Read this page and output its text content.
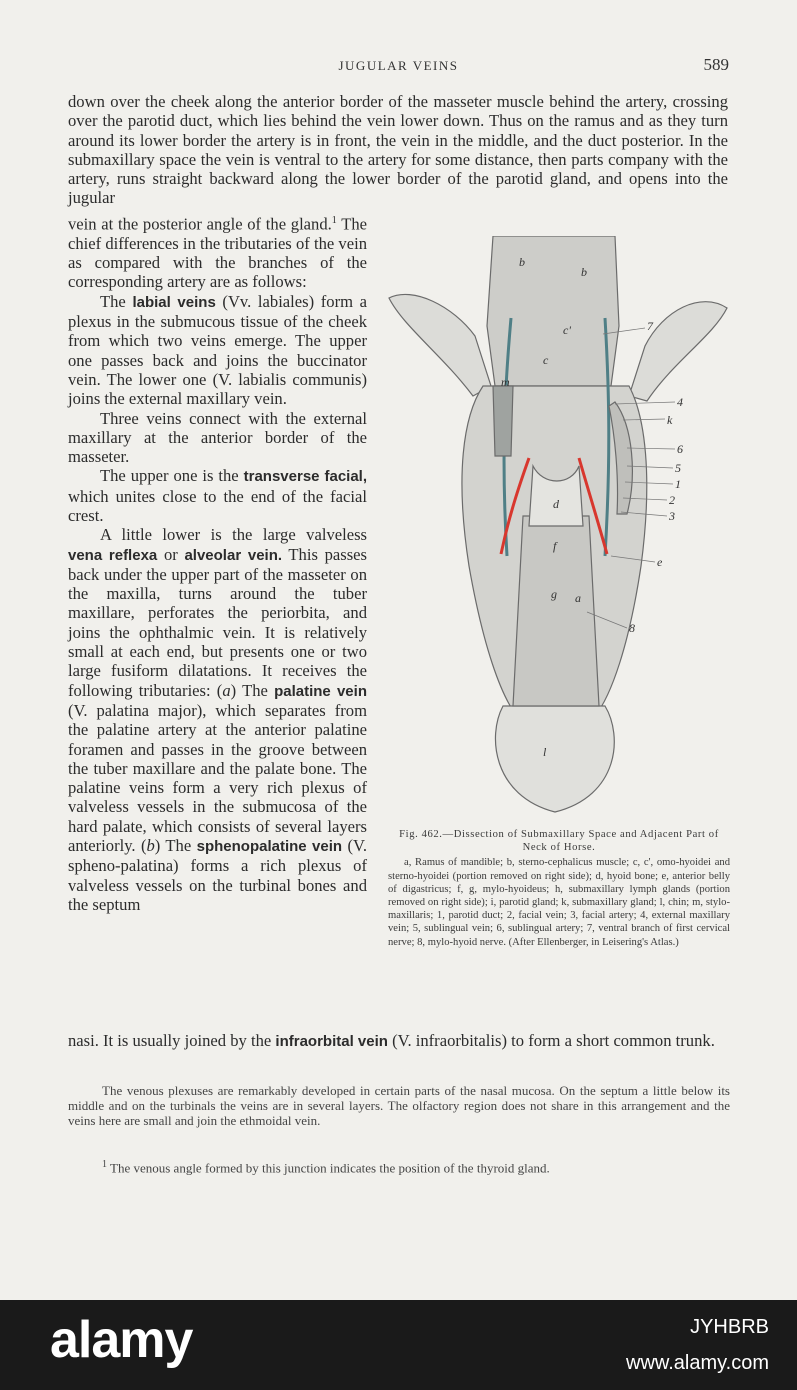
JUGULAR VEINS	589

down over the cheek along the anterior border of the masseter muscle behind the artery, crossing over the parotid duct, which lies behind the vein lower down. Thus on the ramus and as they turn around its lower border the artery is in front, the vein in the middle, and the duct posterior. In the submaxillary space the vein is ventral to the artery for some distance, then parts company with the artery, runs straight backward along the lower border of the parotid gland, and opens into the jugular

vein at the posterior angle of the gland.$^1$ The chief differences in the tributaries of the vein as compared with the branches of the corresponding artery are as follows:

The labial veins (Vv. labiales) form a plexus in the submucous tissue of the cheek from which two veins emerge. The upper one passes back and joins the buccinator vein. The lower one (V. labialis communis) joins the external maxillary vein.

Three veins connect with the external maxillary at the anterior border of the masseter.

The upper one is the transverse facial, which unites close to the end of the facial crest.

A little lower is the large valveless vena reflexa or alveolar vein. This passes back under the upper part of the masseter on the maxilla, turns around the tuber maxillare, perforates the periorbita, and joins the ophthalmic vein. It is relatively small at each end, but presents one or two large fusiform dilatations. It receives the following tributaries: (a) The palatine vein (V. palatina major), which separates from the palatine artery at the anterior palatine foramen and passes in the groove between the tuber maxillare and the palate bone. The palatine veins form a very rich plexus of valveless vessels in the submucosa of the hard palate, which consists of several layers anteriorly. (b) The sphenopalatine vein (V. spheno-palatina) forms a rich plexus of valveless vessels on the turbinal bones and the septum

nasi. It is usually joined by the infraorbital vein (V. infraorbitalis) to form a short common trunk.

b
b
c'
c
m
d
f
g a
l
7
4
k
6
5
1
2
3
e
8
Fig. 462.—Dissection of Submaxillary Space and Adjacent Part of Neck of Horse.
a, Ramus of mandible; b, sterno-cephalicus muscle; c, c', omo-hyoidei and sterno-hyoidei (portion removed on right side); d, hyoid bone; e, anterior belly of digastricus; f, g, mylo-hyoideus; h, submaxillary lymph glands (portion removed on right side); i, parotid gland; k, submaxillary gland; l, chin; m, stylo-maxillaris; 1, parotid duct; 2, facial vein; 3, facial artery; 4, external maxillary vein; 5, sublingual vein; 6, sublingual artery; 7, ventral branch of first cervical nerve; 8, mylo-hyoid nerve. (After Ellenberger, in Leisering's Atlas.)
The venous plexuses are remarkably developed in certain parts of the nasal mucosa. On the septum a little below its middle and on the turbinals the veins are in several layers. The olfactory region does not share in this arrangement and the veins here are small and join the ethmoidal vein.
$^1$ The venous angle formed by this junction indicates the position of the thyroid gland.
alamy	JYHBRB
www.alamy.com
